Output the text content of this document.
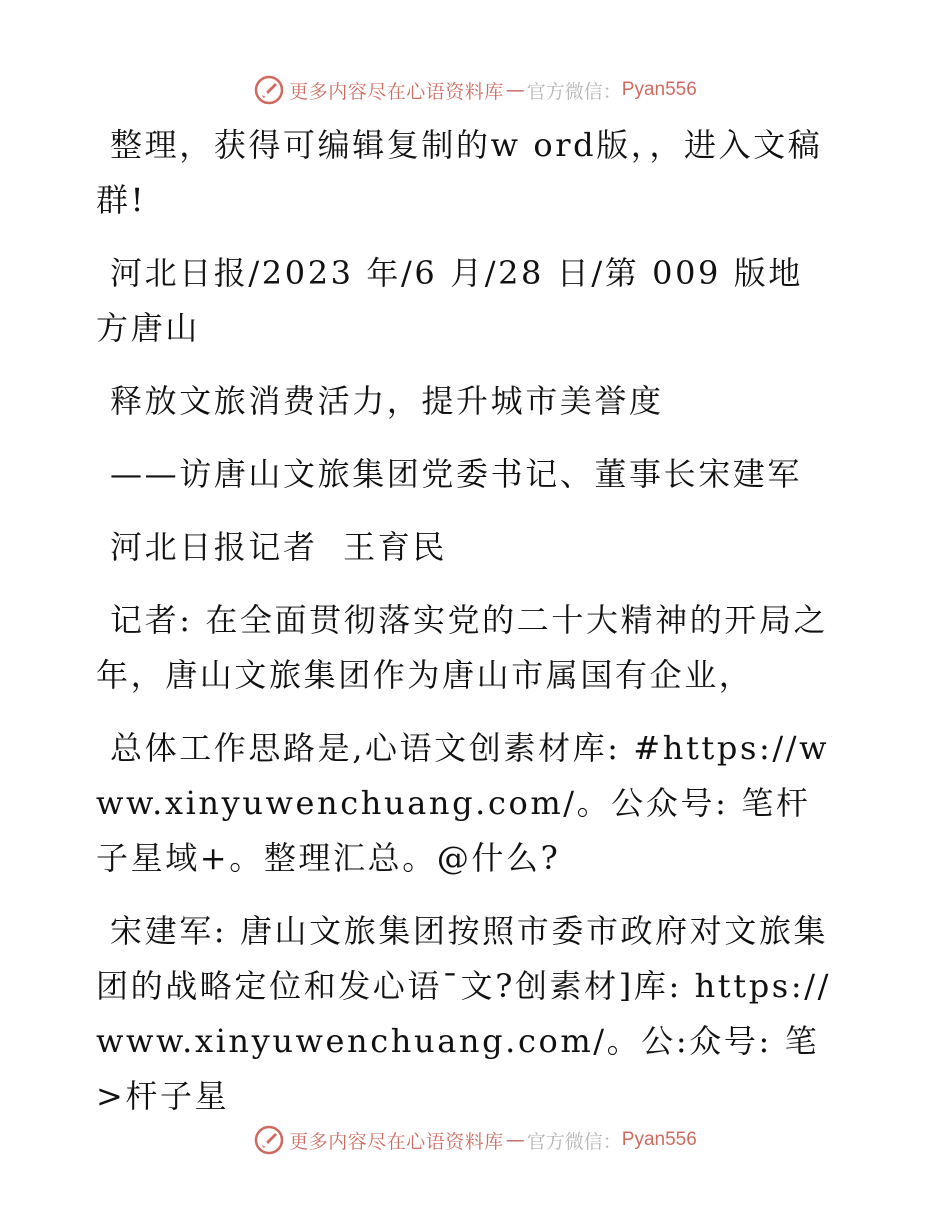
更多内容尽在心语资料库 — 官方微信 ： Pyan556

整理，获得可编辑复制的w ord版，，进入文稿群!

河北日报/2023 年/6 月/28 日/第 009 版地方唐山

释放文旅消费活力，提升城市美誉度

——访唐山文旅集团党委书记、董事长宋建军

河北日报记者  王育民

记者: 在全面贯彻落实党的二十大精神的开局之年，唐山文旅集团作为唐山市属国有企业，

总体工作思路是,心语文创素材库: #https://www.xinyuwenchuang.com/。公众号: 笔杆子星域+。整理汇总。@什么?

宋建军: 唐山文旅集团按照市委市政府对文旅集团的战略定位和发心语¯文?创素材]库: https://www.xinyuwenchuang.com/。公:众号: 笔>杆子星

更多内容尽在心语资料库 — 官方微信 ： Pyan556
